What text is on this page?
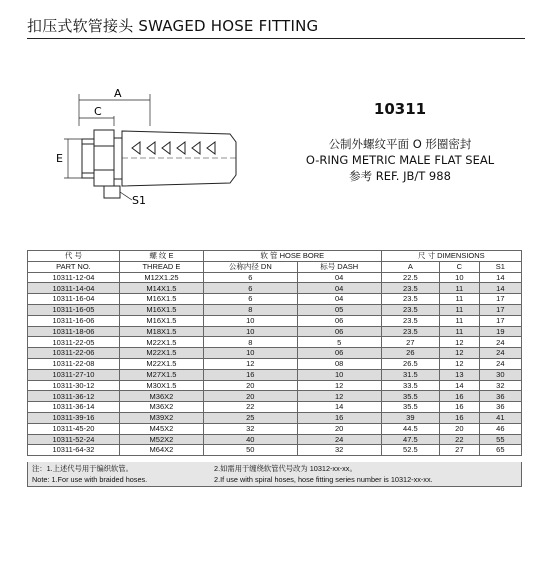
扣压式软管接头 SWAGED HOSE FITTING
A
C
E
S1
10311
公制外螺纹平面 O 形圈密封
O-RING METRIC MALE FLAT SEAL
参考 REF. JB/T 988
代 号	螺 纹 E	软 管 HOSE BORE		尺 寸 DIMENSIONS		
PART NO.	THREAD E	公称内径 DN	标号 DASH	A	C	S1
10311-12-04	M12X1.25	6	04	22.5	10	14
10311-14-04	M14X1.5	6	04	23.5	11	14
10311-16-04	M16X1.5	6	04	23.5	11	17
10311-16-05	M16X1.5	8	05	23.5	11	17
10311-16-06	M16X1.5	10	06	23.5	11	17
10311-18-06	M18X1.5	10	06	23.5	11	19
10311-22-05	M22X1.5	8	5	27	12	24
10311-22-06	M22X1.5	10	06	26	12	24
10311-22-08	M22X1.5	12	08	26.5	12	24
10311-27-10	M27X1.5	16	10	31.5	13	30
10311-30-12	M30X1.5	20	12	33.5	14	32
10311-36-12	M36X2	20	12	35.5	16	36
10311-36-14	M36X2	22	14	35.5	16	36
10311-39-16	M39X2	25	16	39	16	41
10311-45-20	M45X2	32	20	44.5	20	46
10311-52-24	M52X2	40	24	47.5	22	55
10311-64-32	M64X2	50	32	52.5	27	65
注：1.上述代号用于编织软管。	2.如需用于缠绕软管代号改为 10312-xx-xx。
Note: 1.For use with braided hoses.	2.If use with spiral hoses, hose fitting series number is 10312-xx-xx.
